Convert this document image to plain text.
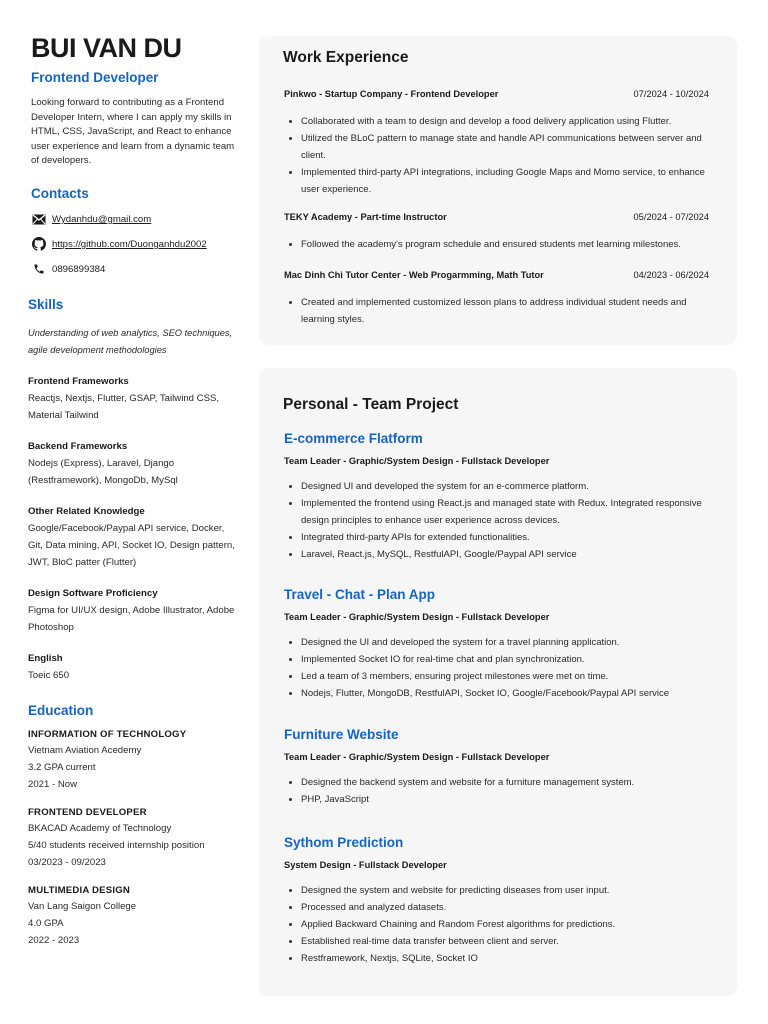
BUI VAN DU
Frontend Developer
Looking forward to contributing as a Frontend Developer Intern, where I can apply my skills in HTML, CSS, JavaScript, and React to enhance user experience and learn from a dynamic team of developers.
Contacts
Wydanhdu@gmail.com
https://github.com/Duonganhdu2002
0896899384
Skills
Understanding of web analytics, SEO techniques, agile development methodologies
Frontend Frameworks
Reactjs, Nextjs, Flutter, GSAP, Tailwind CSS, Material Tailwind
Backend Frameworks
Nodejs (Express), Laravel, Django (Restframework), MongoDb, MySql
Other Related Knowledge
Google/Facebook/Paypal API service, Docker, Git, Data mining, API, Socket IO, Design pattern, JWT, BloC patter (Flutter)
Design Software Proficiency
Figma for UI/UX design, Adobe Illustrator, Adobe Photoshop
English
Toeic 650
Education
INFORMATION OF TECHNOLOGY
Vietnam Aviation Acedemy
3.2 GPA current
2021 - Now
FRONTEND DEVELOPER
BKACAD Academy of Technology
5/40 students received internship position
03/2023 - 09/2023
MULTIMEDIA DESIGN
Van Lang Saigon College
4.0 GPA
2022 - 2023
Work Experience
Pinkwo - Startup Company - Frontend Developer	07/2024 - 10/2024
Collaborated with a team to design and develop a food delivery application using Flutter.
Utilized the BLoC pattern to manage state and handle API communications between server and client.
Implemented third-party API integrations, including Google Maps and Momo service, to enhance user experience.
TEKY Academy - Part-time Instructor	05/2024 - 07/2024
Followed the academy's program schedule and ensured students met learning milestones.
Mac Dinh Chi Tutor Center - Web Progarmming, Math Tutor	04/2023 - 06/2024
Created and implemented customized lesson plans to address individual student needs and learning styles.
Personal - Team Project
E-commerce Flatform
Team Leader - Graphic/System Design - Fullstack Developer
Designed UI and developed the system for an e-commerce platform.
Implemented the frontend using React.js and managed state with Redux. Integrated responsive design principles to enhance user experience across devices.
Integrated third-party APIs for extended functionalities.
Laravel, React.js, MySQL, RestfulAPI, Google/Paypal API service
Travel - Chat - Plan App
Team Leader - Graphic/System Design - Fullstack Developer
Designed the UI and developed the system for a travel planning application.
Implemented Socket IO for real-time chat and plan synchronization.
Led a team of 3 members, ensuring project milestones were met on time.
Nodejs, Flutter, MongoDB, RestfulAPI, Socket IO, Google/Facebook/Paypal API service
Furniture Website
Team Leader - Graphic/System Design - Fullstack Developer
Designed the backend system and website for a furniture management system.
PHP, JavaScript
Sythom Prediction
System Design - Fullstack Developer
Designed the system and website for predicting diseases from user input.
Processed and analyzed datasets.
Applied Backward Chaining and Random Forest algorithms for predictions.
Established real-time data transfer between client and server.
Restframework, Nextjs, SQLite, Socket IO
